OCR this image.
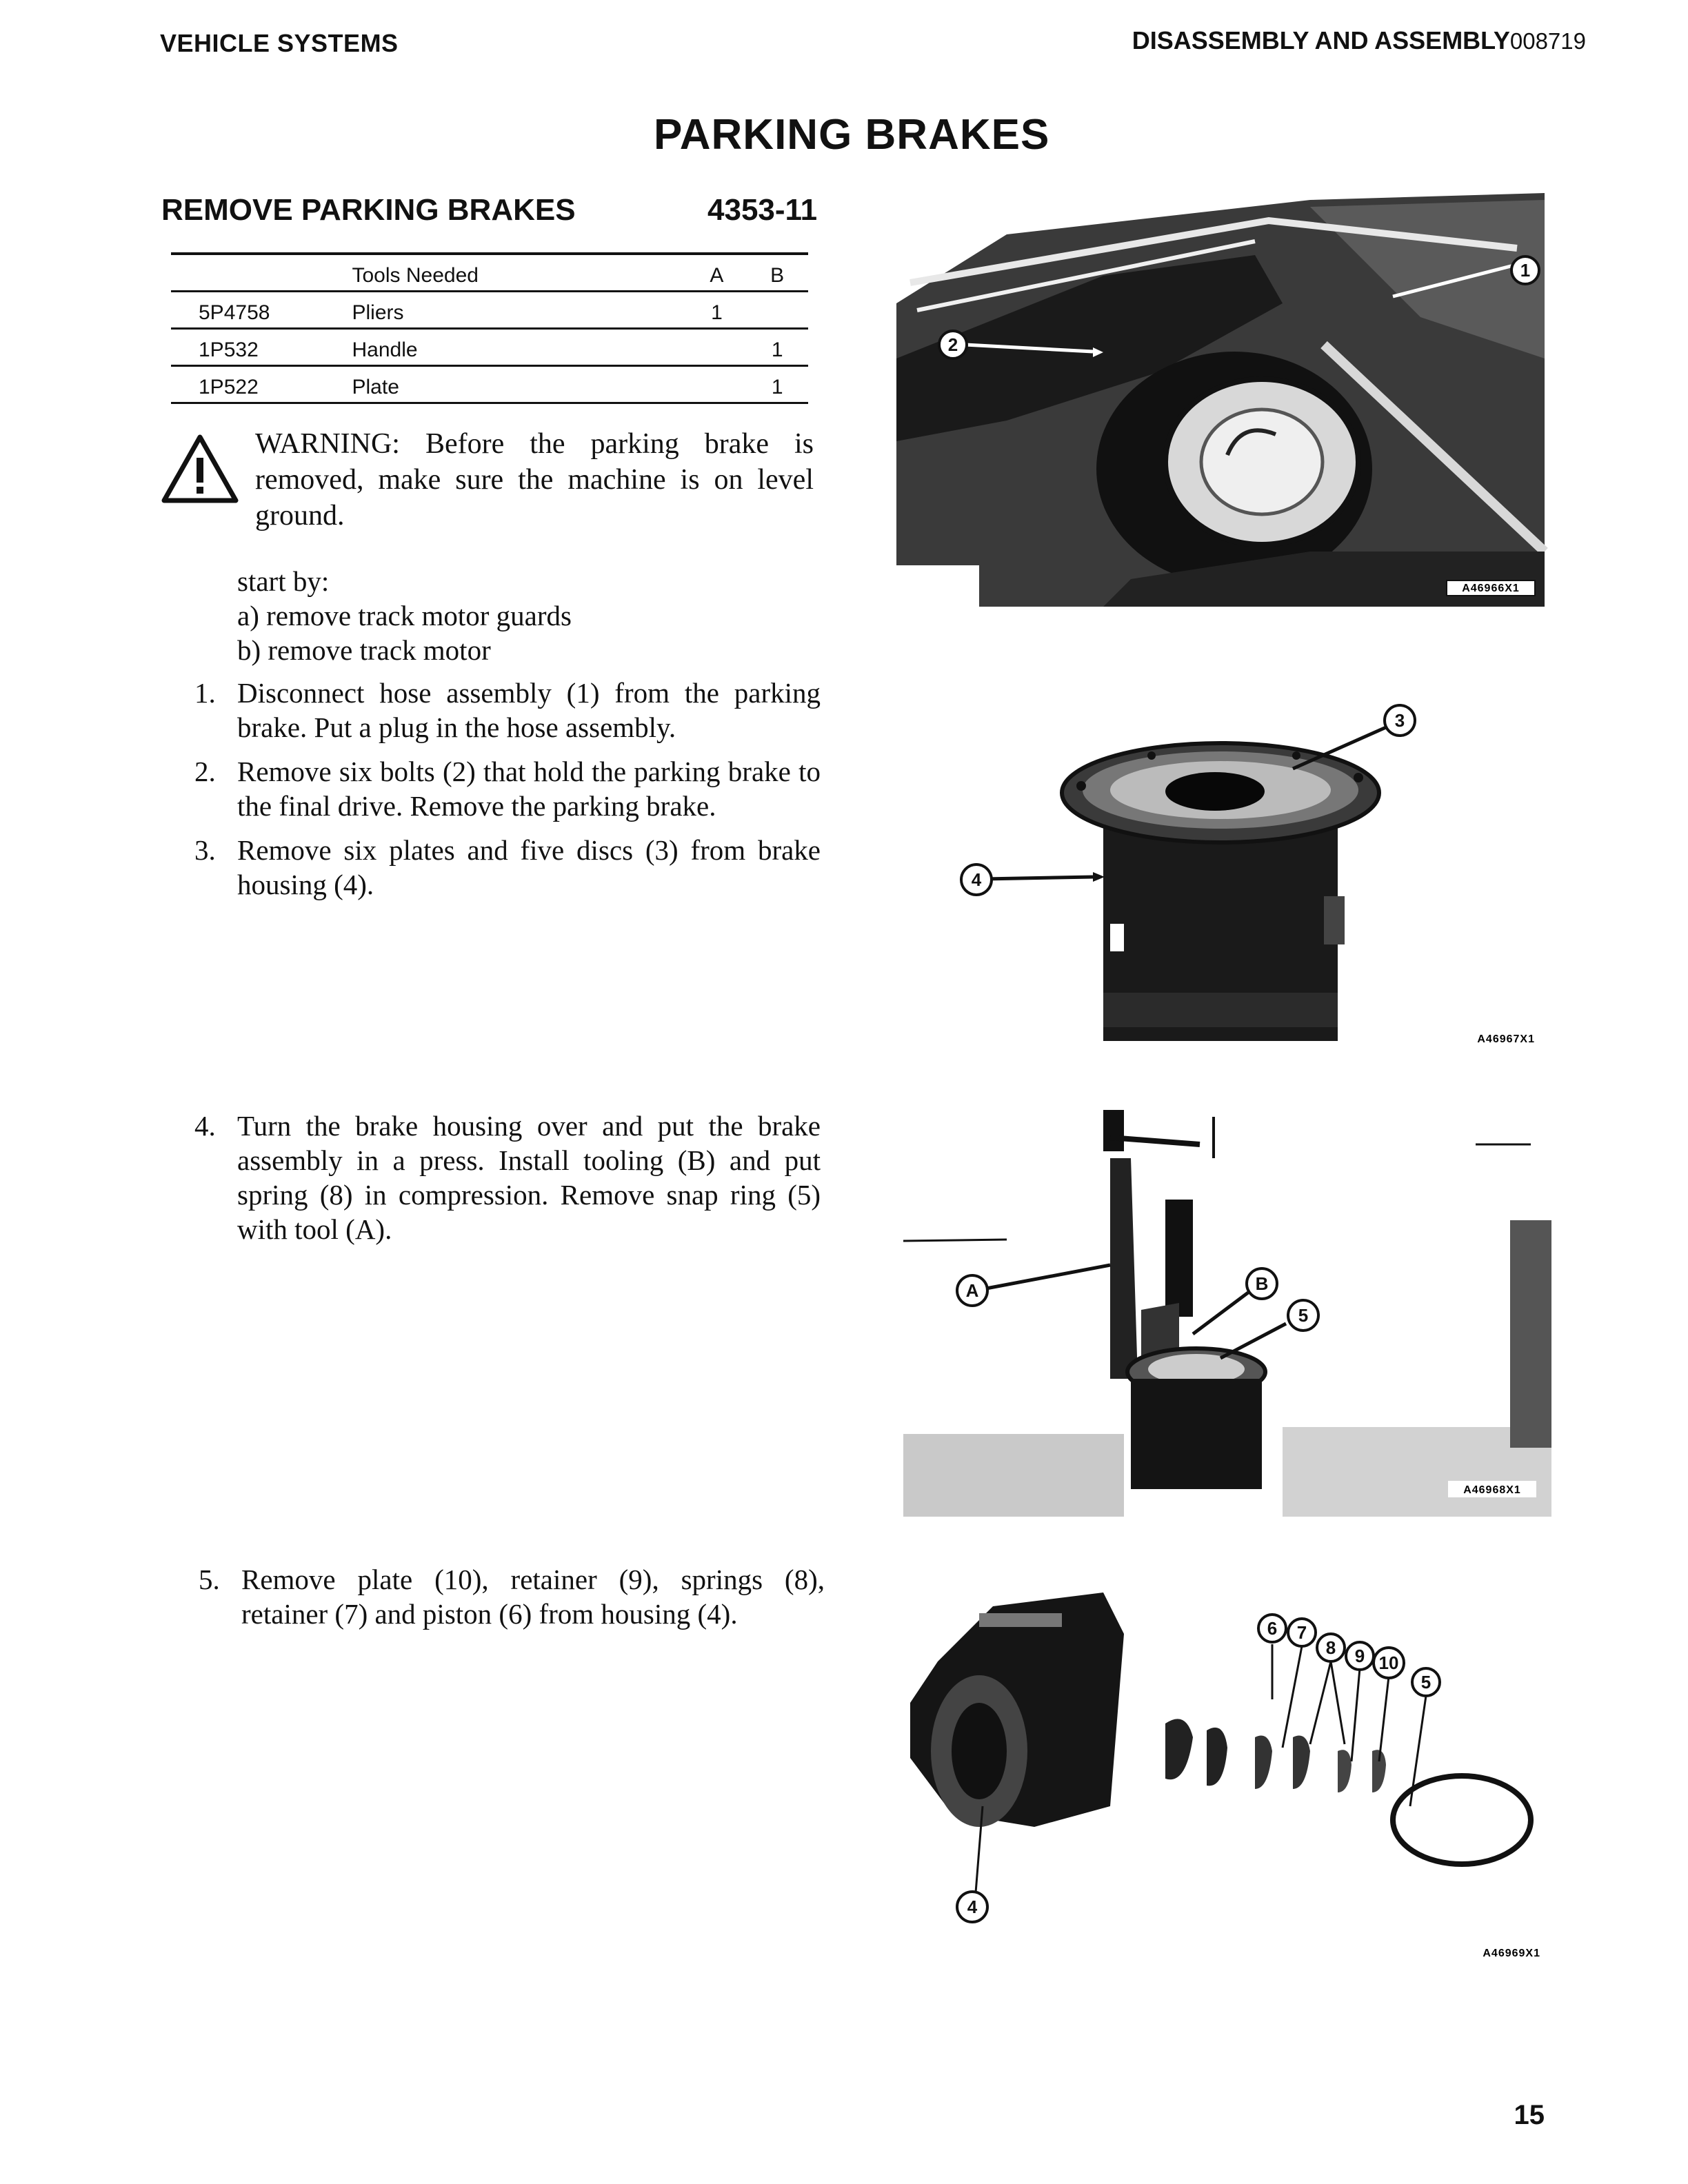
VEHICLE SYSTEMS	DISASSEMBLY AND ASSEMBLY008719
PARKING BRAKES
REMOVE PARKING BRAKES	4353-11
	Tools Needed	A	B
5P4758	Pliers	1	
1P532	Handle		1
1P522	Plate		1
WARNING: Before the parking brake is removed, make sure the machine is on level ground.
start by:
a) remove track motor guards
b) remove track motor
1. Disconnect hose assembly (1) from the parking brake. Put a plug in the hose assembly.
2. Remove six bolts (2) that hold the parking brake to the final drive. Remove the parking brake.
3. Remove six plates and five discs (3) from brake housing (4).
4. Turn the brake housing over and put the brake assembly in a press. Install tooling (B) and put spring (8) in compression. Remove snap ring (5) with tool (A).
5. Remove plate (10), retainer (9), springs (8), retainer (7) and piston (6) from housing (4).
A46966X1
1
2
3
4
A46967X1
A	B
5
A46968X1
6 7
8 9 10
5
4
A46969X1
15
